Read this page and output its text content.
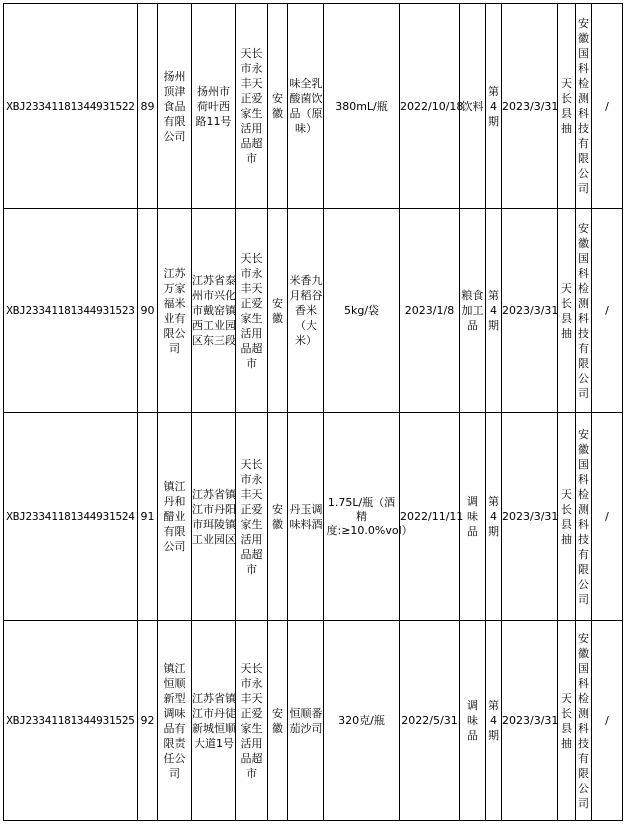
XBJ23341181344931522	89	扬州顶津食品有限公司	扬州市荷叶西路11号	天长市永丰天正爱家生活用品超市	安徽	味全乳酸菌饮品（原味）	380mL/瓶	2022/10/18	饮料	第4期	2023/3/31	天长县抽	安徽国科检测科技有限公司	/
XBJ23341181344931523	90	江苏万家福米业有限公司	江苏省泰州市兴化市戴窑镇西工业园区东三段	天长市永丰天正爱家生活用品超市	安徽	米香九月稻谷香米（大米）	5kg/袋	2023/1/8	粮食加工品	第4期	2023/3/31	天长县抽	安徽国科检测科技有限公司	/
XBJ23341181344931524	91	镇江丹和醋业有限公司	江苏省镇江市丹阳市珥陵镇工业园区	天长市永丰天正爱家生活用品超市	安徽	丹玉调味料酒	1.75L/瓶（酒精度:≥10.0%vol）	2022/11/11	调味品	第4期	2023/3/31	天长县抽	安徽国科检测科技有限公司	/
XBJ23341181344931525	92	镇江恒顺新型调味品有限责任公司	江苏省镇江市丹徒新城恒顺大道1号	天长市永丰天正爱家生活用品超市	安徽	恒顺番茄沙司	320克/瓶	2022/5/31	调味品	第4期	2023/3/31	天长县抽	安徽国科检测科技有限公司	/
